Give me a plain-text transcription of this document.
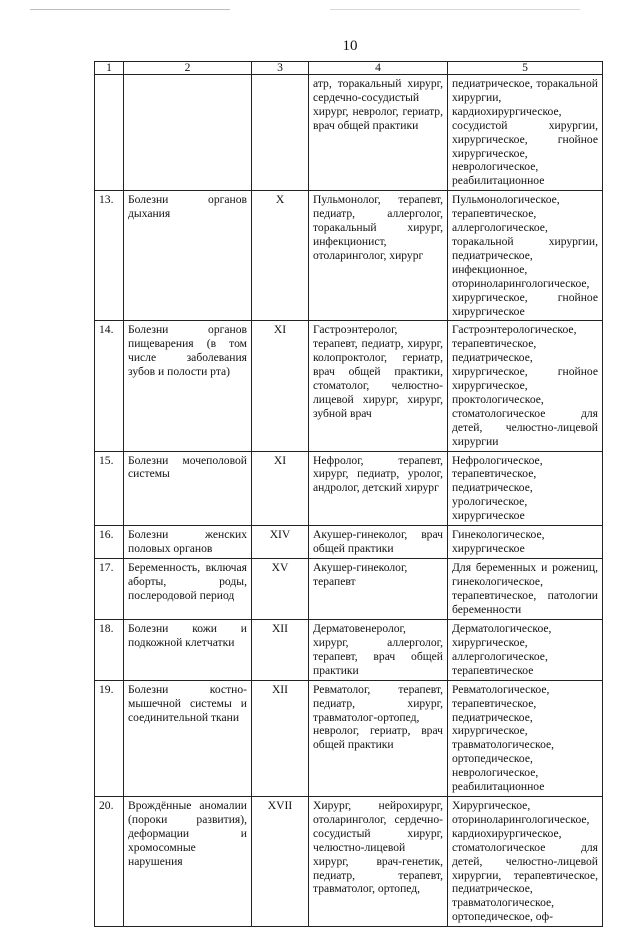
10
1	2	3	4	5
			атр, торакальный хирург, сердечно-сосудистый хирург, невролог, гериатр, врач общей практики	педиатрическое, торакальной хирургии, кардиохирургическое, сосудистой хирургии, хирургическое, гнойное хирургическое, неврологическое, реабилитационное
13.	Болезни органов дыхания	X	Пульмонолог, терапевт, педиатр, аллерголог, торакальный хирург, инфекционист, отоларинголог, хирург	Пульмонологическое, терапевтическое, аллергологическое, торакальной хирургии, педиатрическое, инфекционное, оториноларингологическое, хирургическое, гнойное хирургическое
14.	Болезни органов пищеварения (в том числе заболевания зубов и полости рта)	XI	Гастроэнтеролог, терапевт, педиатр, хирург, колопроктолог, гериатр, врач общей практики, стоматолог, челюстно-лицевой хирург, хирург, зубной врач	Гастроэнтерологическое, терапевтическое, педиатрическое, хирургическое, гнойное хирургическое, проктологическое, стоматологическое для детей, челюстно-лицевой хирургии
15.	Болезни мочеполовой системы	XI	Нефролог, терапевт, хирург, педиатр, уролог, андролог, детский хирург	Нефрологическое, терапевтическое, педиатрическое, урологическое, хирургическое
16.	Болезни женских половых органов	XIV	Акушер-гинеколог, врач общей практики	Гинекологическое, хирургическое
17.	Беременность, включая аборты, роды, послеродовой период	XV	Акушер-гинеколог, терапевт	Для беременных и рожениц, гинекологическое, терапевтическое, патологии беременности
18.	Болезни кожи и подкожной клетчатки	XII	Дерматовенеролог, хирург, аллерголог, терапевт, врач общей практики	Дерматологическое, хирургическое, аллергологическое, терапевтическое
19.	Болезни костно-мышечной системы и соединительной ткани	XII	Ревматолог, терапевт, педиатр, хирург, травматолог-ортопед, невролог, гериатр, врач общей практики	Ревматологическое, терапевтическое, педиатрическое, хирургическое, травматологическое, ортопедическое, неврологическое, реабилитационное
20.	Врождённые аномалии (пороки развития), деформации и хромосомные нарушения	XVII	Хирург, нейрохирург, отоларинголог, сердечно-сосудистый хирург, челюстно-лицевой хирург, врач-генетик, педиатр, терапевт, травматолог, ортопед,	Хирургическое, оториноларингологическое, кардиохирургическое, стоматологическое для детей, челюстно-лицевой хирургии, терапевтическое, педиатрическое, травматологическое, ортопедическое, оф-
